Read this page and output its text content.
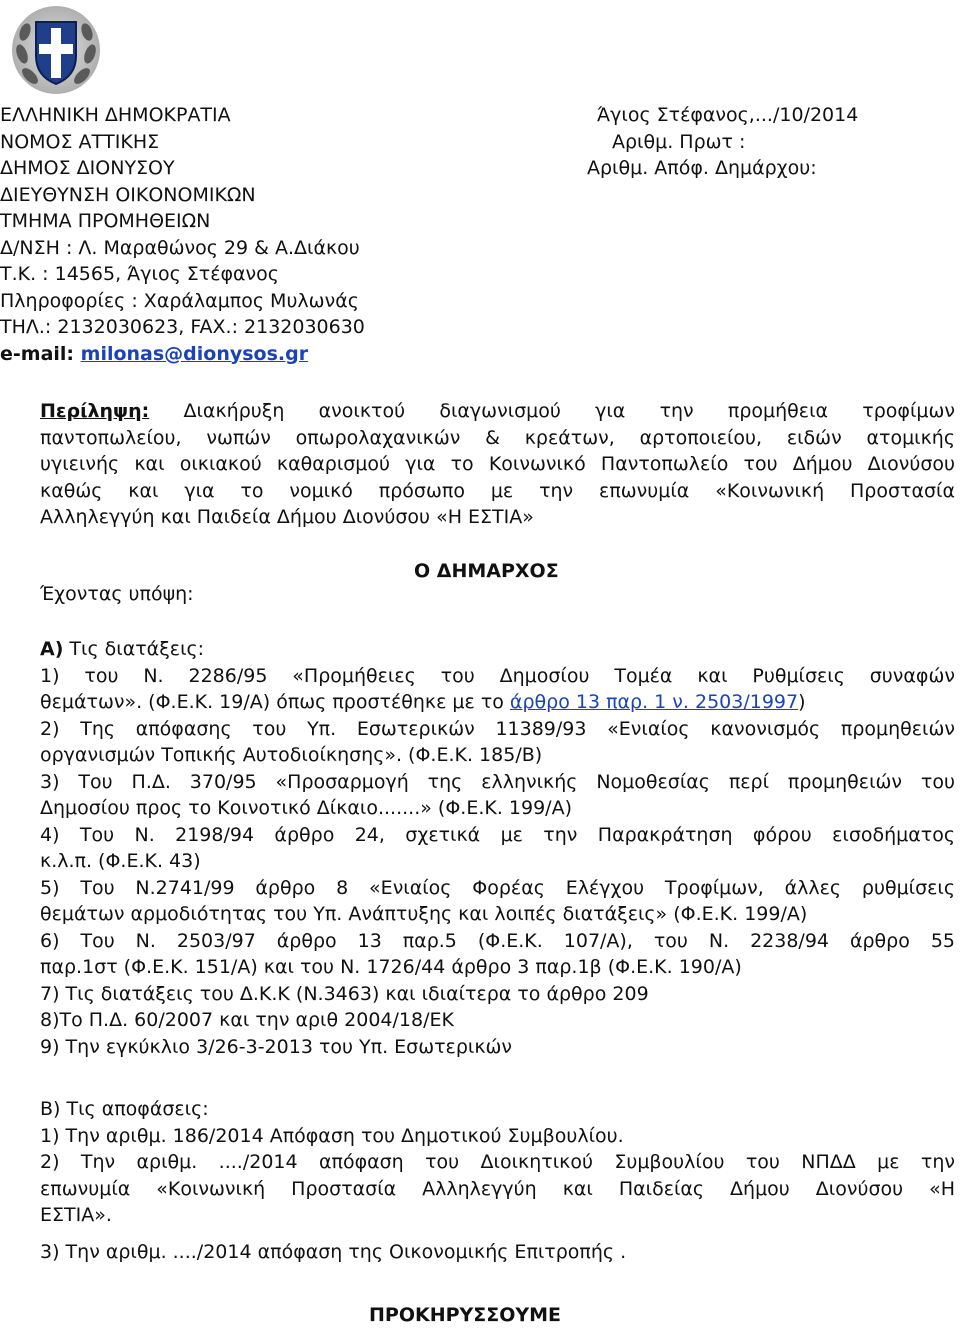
ΕΛΛΗΝΙΚΗ ΔΗΜΟΚΡΑΤΙΑ
ΝΟΜΟΣ ΑΤΤΙΚΗΣ
ΔΗΜΟΣ ΔΙΟΝΥΣΟΥ
ΔΙΕΥΘΥΝΣΗ ΟΙΚΟΝΟΜΙΚΩΝ
ΤΜΗΜΑ ΠΡΟΜΗΘΕΙΩΝ
Δ/ΝΣΗ : Λ. Μαραθώνος 29 & Α.Διάκου
Τ.Κ. : 14565, Άγιος Στέφανος
Πληροφορίες : Χαράλαμπος Μυλωνάς
ΤΗΛ.: 2132030623, FAX.: 2132030630
e-mail: milonas@dionysos.gr
Άγιος Στέφανος,.../10/2014
Αριθμ. Πρωτ :
Αριθμ. Απόφ. Δημάρχου:
Περίληψη: Διακήρυξη ανοικτού διαγωνισμού για την προμήθεια τροφίμων
παντοπωλείου, νωπών οπωρολαχανικών & κρεάτων, αρτοποιείου, ειδών ατομικής
υγιεινής και οικιακού καθαρισμού για το Κοινωνικό Παντοπωλείο του Δήμου Διονύσου
καθώς και για το νομικό πρόσωπο με την επωνυμία «Κοινωνική Προστασία
Αλληλεγγύη και Παιδεία Δήμου Διονύσου «Η ΕΣΤΙΑ»
Ο ΔΗΜΑΡΧΟΣ
Έχοντας υπόψη:
Α) Τις διατάξεις:
1) του Ν. 2286/95 «Προμήθειες του Δημοσίου Τομέα και Ρυθμίσεις συναφών
θεμάτων». (Φ.Ε.Κ. 19/Α) όπως προστέθηκε με το άρθρο 13 παρ. 1 ν. 2503/1997)
2) Της απόφασης του Υπ. Εσωτερικών 11389/93 «Ενιαίος κανονισμός προμηθειών
οργανισμών Τοπικής Αυτοδιοίκησης». (Φ.Ε.Κ. 185/Β)
3) Του Π.Δ. 370/95 «Προσαρμογή της ελληνικής Νομοθεσίας περί προμηθειών του
Δημοσίου προς το Κοινοτικό Δίκαιο.......» (Φ.Ε.Κ. 199/Α)
4) Του Ν. 2198/94 άρθρο 24, σχετικά με την Παρακράτηση φόρου εισοδήματος
κ.λ.π. (Φ.Ε.Κ. 43)
5) Του Ν.2741/99 άρθρο 8 «Ενιαίος Φορέας Ελέγχου Τροφίμων, άλλες ρυθμίσεις
θεμάτων αρμοδιότητας του Υπ. Ανάπτυξης και λοιπές διατάξεις» (Φ.Ε.Κ. 199/Α)
6) Του Ν. 2503/97 άρθρο 13 παρ.5 (Φ.Ε.Κ. 107/Α), του Ν. 2238/94 άρθρο 55
παρ.1στ (Φ.Ε.Κ. 151/Α) και του Ν. 1726/44 άρθρο 3 παρ.1β (Φ.Ε.Κ. 190/Α)
7) Τις διατάξεις του Δ.Κ.Κ (Ν.3463) και ιδιαίτερα το άρθρο 209
8)Το Π.Δ. 60/2007 και την αριθ 2004/18/ΕΚ
9) Την εγκύκλιο 3/26-3-2013 του Υπ. Εσωτερικών
Β) Τις αποφάσεις:
1) Την αριθμ. 186/2014 Απόφαση του Δημοτικού Συμβουλίου.
2) Την αριθμ. ..../2014 απόφαση του Διοικητικού Συμβουλίου του ΝΠΔΔ με την
επωνυμία «Κοινωνική Προστασία Αλληλεγγύη και Παιδείας Δήμου Διονύσου «Η
ΕΣΤΙΑ».
3) Την αριθμ. ..../2014 απόφαση της Οικονομικής Επιτροπής .
ΠΡΟΚΗΡΥΣΣΟΥΜΕ
